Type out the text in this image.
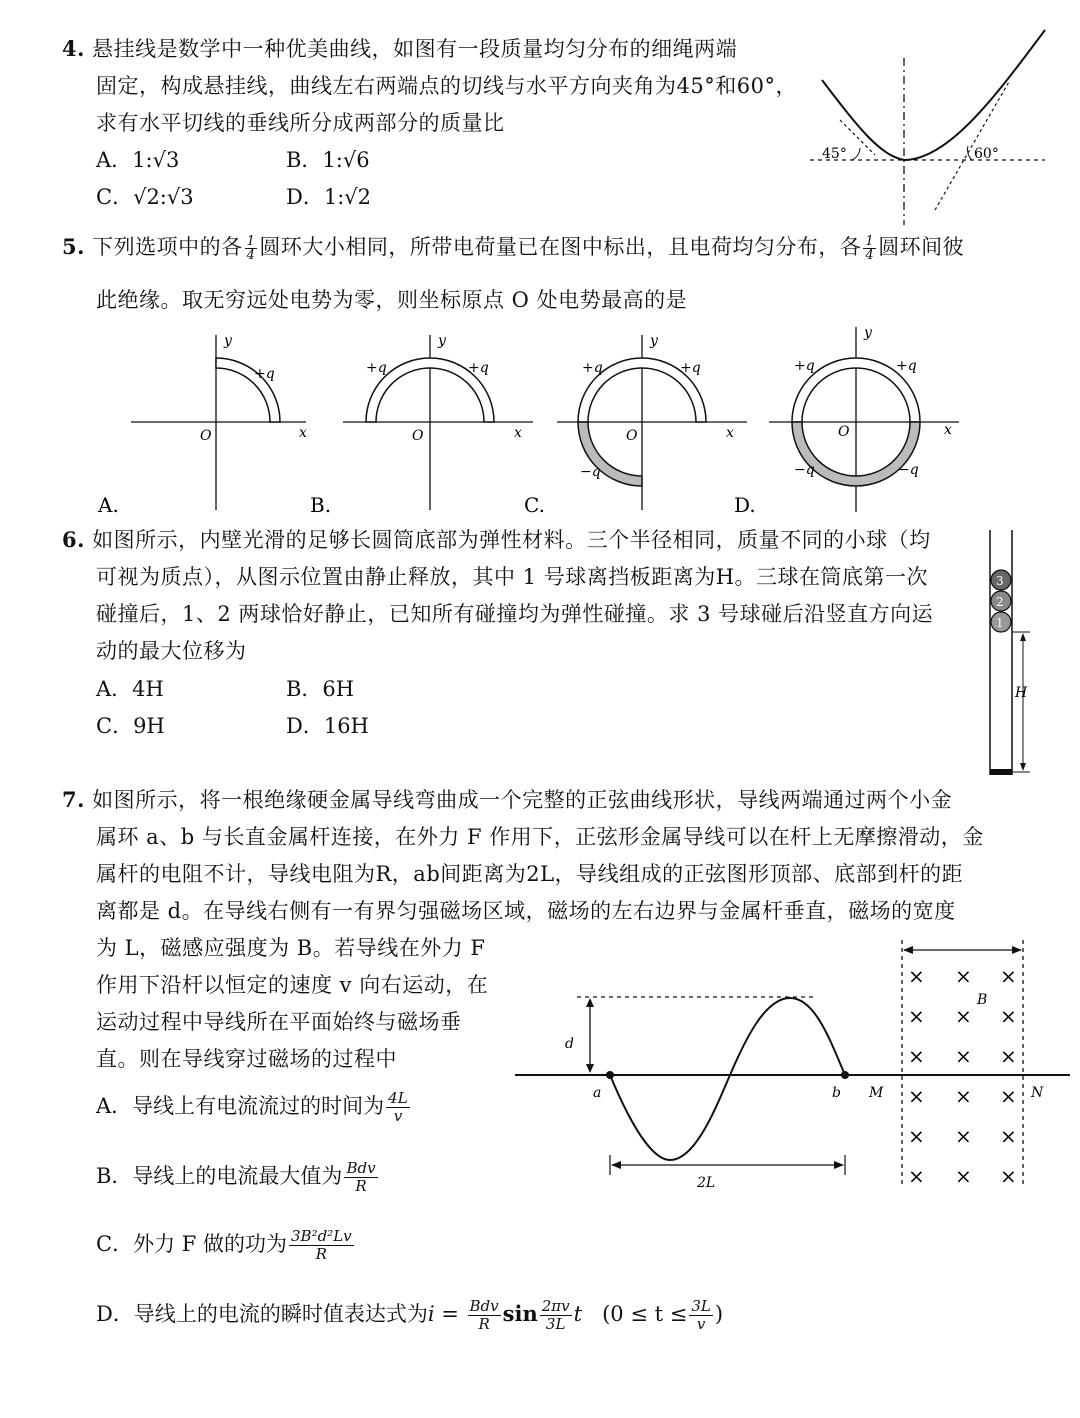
4. 悬挂线是数学中一种优美曲线，如图有一段质量均匀分布的细绳两端
固定，构成悬挂线，曲线左右两端点的切线与水平方向夹角为45°和60°，
求有水平切线的垂线所分成两部分的质量比
A．1:√3	B．1:√6
C．√2:√3	D．1:√2
45°	60°
5. 下列选项中的各 $\frac{1}{4}$ 圆环大小相同，所带电荷量已在图中标出，且电荷均匀分布，各 $\frac{1}{4}$ 圆环间彼
此绝缘。取无穷远处电势为零，则坐标原点 O 处电势最高的是
y
x
O
+q
A.
y
x
O
+q	+q
B.
y
x
O
+q	+q
−q
C.
y
x
O
+q	+q
−q	−q
D.
6. 如图所示，内壁光滑的足够长圆筒底部为弹性材料。三个半径相同，质量不同的小球（均
可视为质点），从图示位置由静止释放，其中 1 号球离挡板距离为H。三球在筒底第一次
碰撞后，1、2 两球恰好静止，已知所有碰撞均为弹性碰撞。求 3 号球碰后沿竖直方向运
动的最大位移为
A．4H	B．6H
C．9H	D．16H
3
2
1
H
7. 如图所示，将一根绝缘硬金属导线弯曲成一个完整的正弦曲线形状，导线两端通过两个小金
属环 a、b 与长直金属杆连接，在外力 F 作用下，正弦形金属导线可以在杆上无摩擦滑动，金
属杆的电阻不计，导线电阻为R，ab间距离为2L，导线组成的正弦图形顶部、底部到杆的距
离都是 d。在导线右侧有一有界匀强磁场区域，磁场的左右边界与金属杆垂直，磁场的宽度
为 L，磁感应强度为 B。若导线在外力 F
作用下沿杆以恒定的速度 v 向右运动，在
运动过程中导线所在平面始终与磁场垂
直。则在导线穿过磁场的过程中
A．导线上有电流流过的时间为 $\frac{4L}{v}$
B．导线上的电流最大值为 $\frac{\text{Bdv}}{R}$
C．外力 F 做的功为 $\frac{\text{3B²d²Lv}}{R}$
D．导线上的电流的瞬时值表达式为$i = \frac{\text{Bdv}}{R}$ $\sin \frac{2\pi v}{3L}$ t ($0 \le t \le \frac{3L}{v}$ )
d
a	b
2L
M	N
B
× × ×
× × ×
× × ×
× × ×
× × ×
× × ×
